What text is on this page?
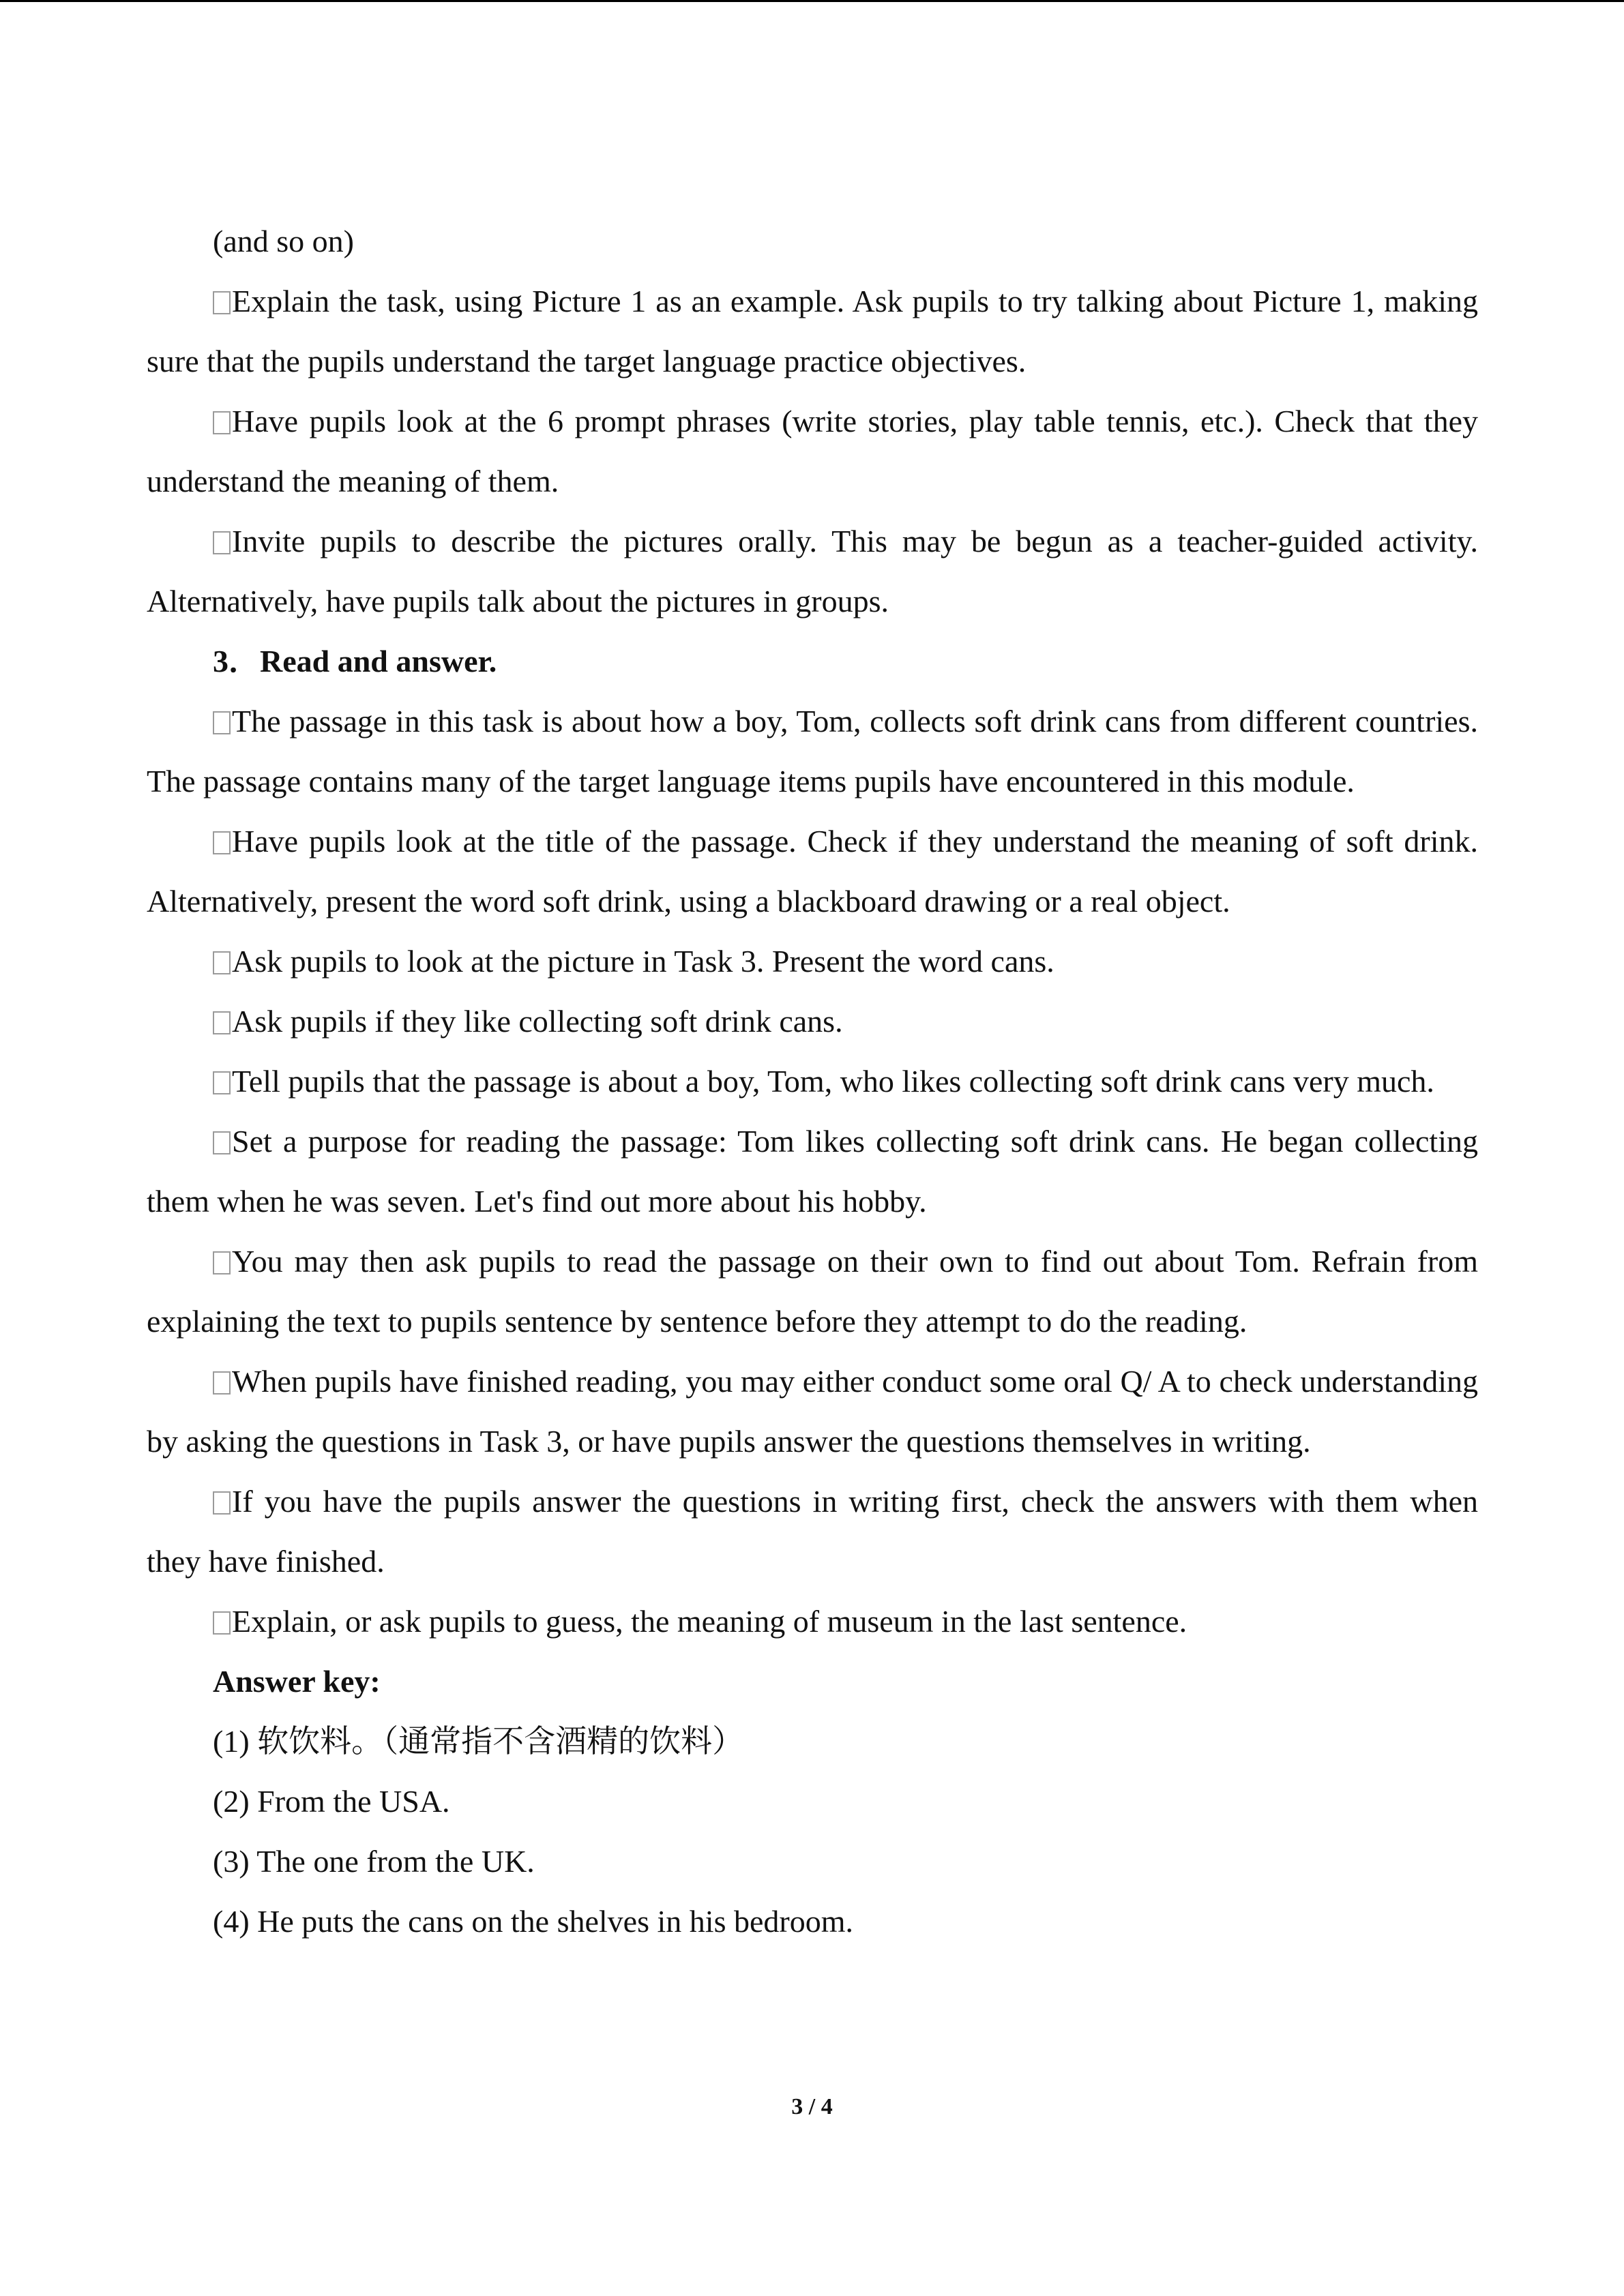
(and so on)

Explain the task, using Picture 1 as an example. Ask pupils to try talking about Picture 1, making sure that the pupils understand the target language practice objectives.

Have pupils look at the 6 prompt phrases (write stories, play table tennis, etc.). Check that they understand the meaning of them.

Invite pupils to describe the pictures orally. This may be begun as a teacher-guided activity. Alternatively, have pupils talk about the pictures in groups.

3．Read and answer.

The passage in this task is about how a boy, Tom, collects soft drink cans from different countries. The passage contains many of the target language items pupils have encountered in this module.

Have pupils look at the title of the passage. Check if they understand the meaning of soft drink. Alternatively, present the word soft drink, using a blackboard drawing or a real object.

Ask pupils to look at the picture in Task 3. Present the word cans.

Ask pupils if they like collecting soft drink cans.

Tell pupils that the passage is about a boy, Tom, who likes collecting soft drink cans very much.

Set a purpose for reading the passage: Tom likes collecting soft drink cans. He began collecting them when he was seven. Let's find out more about his hobby.

You may then ask pupils to read the passage on their own to find out about Tom. Refrain from explaining the text to pupils sentence by sentence before they attempt to do the reading.

When pupils have finished reading, you may either conduct some oral Q/ A to check understanding by asking the questions in Task 3, or have pupils answer the questions themselves in writing.

If you have the pupils answer the questions in writing first, check the answers with them when they have finished.

Explain, or ask pupils to guess, the meaning of museum in the last sentence.

Answer key:

(1) 软饮料。（通常指不含酒精的饮料）

(2) From the USA.

(3) The one from the UK.

(4) He puts the cans on the shelves in his bedroom.

3 / 4
